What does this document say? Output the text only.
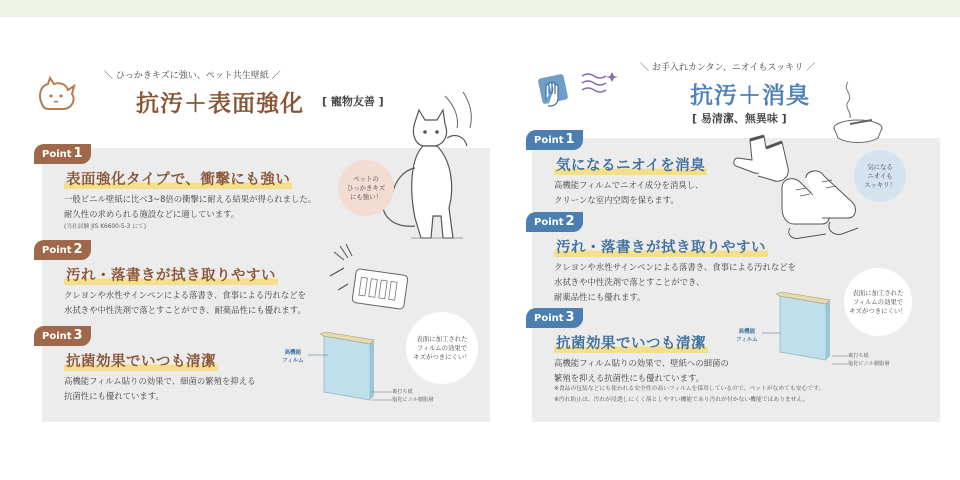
＼ ひっかきキズに強い、ペット共生壁紙 ／
抗汚＋表面強化 [ 寵物友善 ]
ペットの
ひっかきキズ
にも強い！
Point 1
表面強化タイプで、衝撃にも強い
一般ビニル壁紙に比べ3~8倍の衝撃に耐える結果が得られました。
耐久性の求められる施設などに適しています。
(当社試験 JIS K6600-5-3 にて)
Point 2
汚れ・落書きが拭き取りやすい
クレヨンや水性サインペンによる落書き、食事による汚れなどを
水拭きや中性洗剤で落とすことができ、耐薬品性にも優れます。
Point 3
抗菌効果でいつも清潔
高機能フィルム貼りの効果で、細菌の繁殖を抑える
抗菌性にも優れています。
表面に加工された
フィルムの効果で
キズがつきにくい！
高機能
フィルム
裏打ち紙
塩化ビニル樹脂層
＼ お手入れカンタン、ニオイもスッキリ ／
抗汚＋消臭
[ 易清潔、無異味 ]
気になる
ニオイも
スッキリ！
Point 1
気になるニオイを消臭
高機能フィルムでニオイ成分を消臭し、
クリーンな室内空間を保ちます。
Point 2
汚れ・落書きが拭き取りやすい
クレヨンや水性サインペンによる落書き、食事による汚れなどを
水拭きや中性洗剤で落とすことができ、
耐薬品性にも優れます。	表面に加工された
フィルムの効果で
キズがつきにくい！
高機能
フィルム
裏打ち紙
塩化ビニル樹脂層
Point 3
抗菌効果でいつも清潔
高機能フィルム貼りの効果で、壁紙への細菌の
繁殖を抑える抗菌性にも優れています。
※食品の包装などにも使われる安全性の高いフィルムを採用しているので、ペットがなめても安心です。
※汚れ防止は、汚れが浸透しにくく落としやすい機能であり汚れが付かない機能ではありません。
